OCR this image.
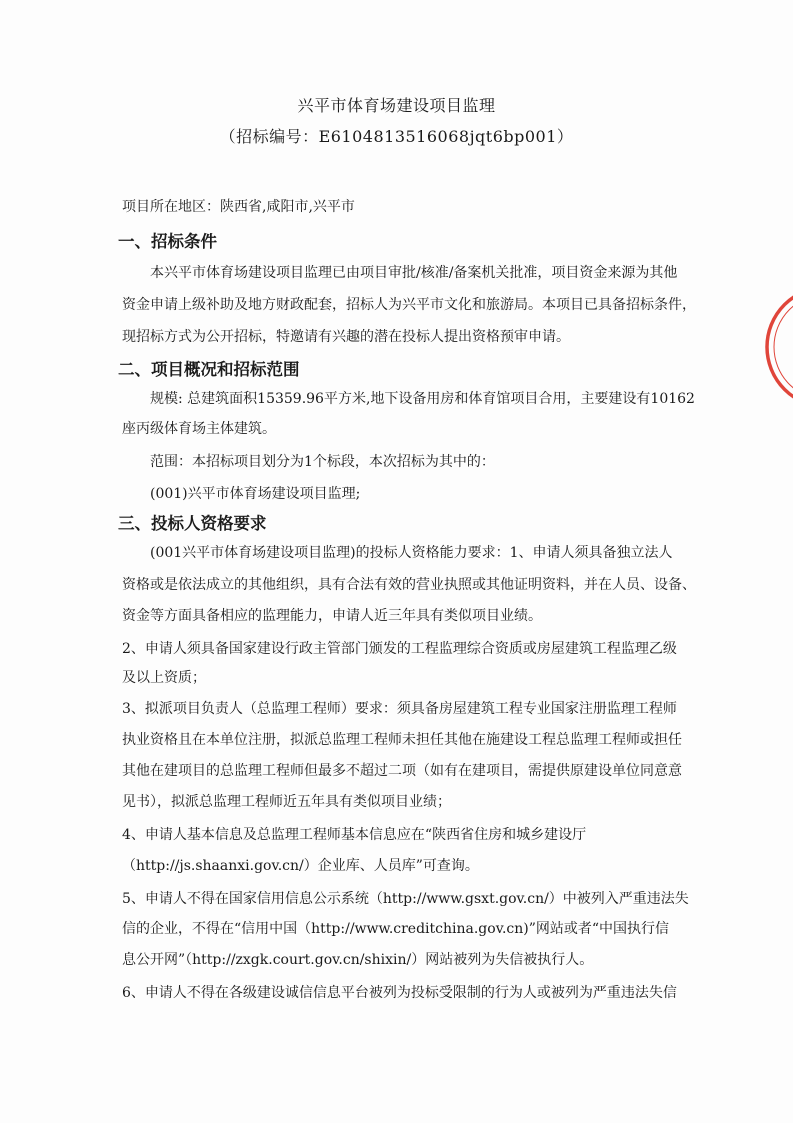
兴平市体育场建设项目监理
（招标编号：E6104813516068jqt6bp001）
项目所在地区：陕西省,咸阳市,兴平市
一、招标条件
本兴平市体育场建设项目监理已由项目审批/核准/备案机关批准，项目资金来源为其他
资金申请上级补助及地方财政配套，招标人为兴平市文化和旅游局。本项目已具备招标条件，
现招标方式为公开招标，特邀请有兴趣的潜在投标人提出资格预审申请。
二、项目概况和招标范围
规模: 总建筑面积15359.96平方米,地下设备用房和体育馆项目合用，主要建设有10162
座丙级体育场主体建筑。
范围：本招标项目划分为1个标段，本次招标为其中的：
(001)兴平市体育场建设项目监理;
三、投标人资格要求
(001兴平市体育场建设项目监理)的投标人资格能力要求：1、申请人须具备独立法人
资格或是依法成立的其他组织，具有合法有效的营业执照或其他证明资料，并在人员、设备、
资金等方面具备相应的监理能力，申请人近三年具有类似项目业绩。
2、申请人须具备国家建设行政主管部门颁发的工程监理综合资质或房屋建筑工程监理乙级
及以上资质；
3、拟派项目负责人（总监理工程师）要求：须具备房屋建筑工程专业国家注册监理工程师
执业资格且在本单位注册，拟派总监理工程师未担任其他在施建设工程总监理工程师或担任
其他在建项目的总监理工程师但最多不超过二项（如有在建项目，需提供原建设单位同意意
见书），拟派总监理工程师近五年具有类似项目业绩；
4、申请人基本信息及总监理工程师基本信息应在“陕西省住房和城乡建设厅
（http://js.shaanxi.gov.cn/）企业库、人员库”可查询。
5、申请人不得在国家信用信息公示系统（http://www.gsxt.gov.cn/）中被列入严重违法失
信的企业，不得在“信用中国（http://www.creditchina.gov.cn)”网站或者“中国执行信
息公开网”（http://zxgk.court.gov.cn/shixin/）网站被列为失信被执行人。
6、申请人不得在各级建设诚信信息平台被列为投标受限制的行为人或被列为严重违法失信
